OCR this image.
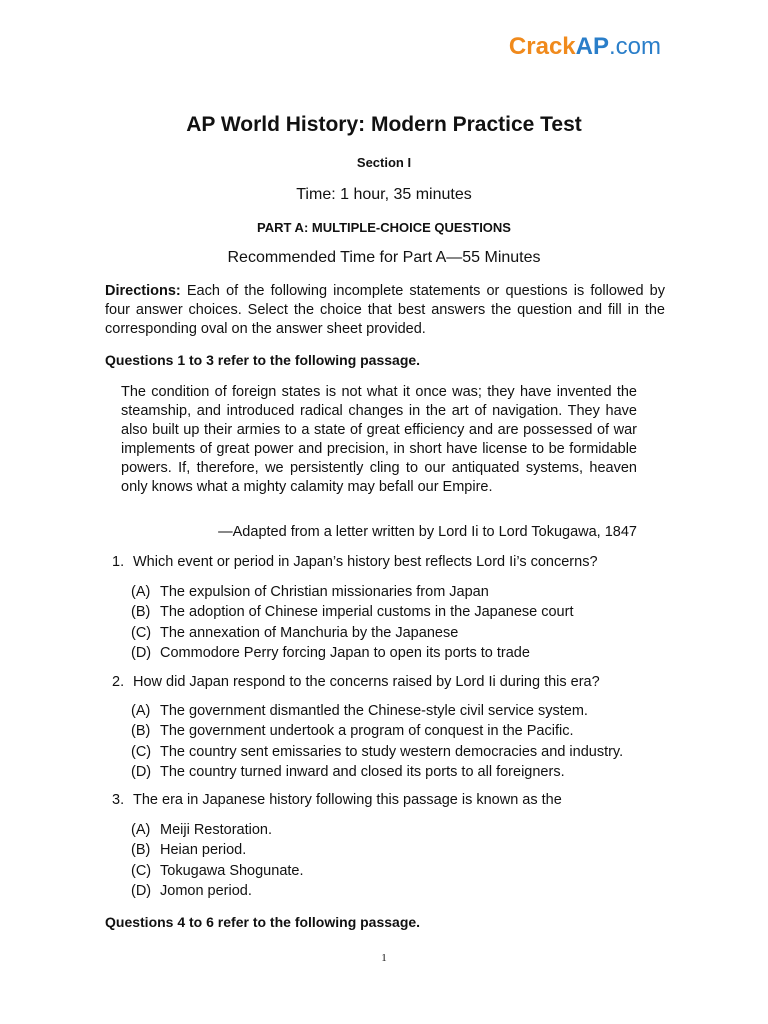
CrackAP.com
AP World History: Modern Practice Test
Section I
Time: 1 hour, 35 minutes
PART A: MULTIPLE-CHOICE QUESTIONS
Recommended Time for Part A—55 Minutes
Directions: Each of the following incomplete statements or questions is followed by four answer choices. Select the choice that best answers the question and fill in the corresponding oval on the answer sheet provided.
Questions 1 to 3 refer to the following passage.
The condition of foreign states is not what it once was; they have invented the steamship, and introduced radical changes in the art of navigation. They have also built up their armies to a state of great efficiency and are possessed of war implements of great power and precision, in short have license to be formidable powers. If, therefore, we persistently cling to our antiquated systems, heaven only knows what a mighty calamity may befall our Empire.
—Adapted from a letter written by Lord Ii to Lord Tokugawa, 1847
1. Which event or period in Japan’s history best reflects Lord Ii’s concerns?
(A) The expulsion of Christian missionaries from Japan
(B) The adoption of Chinese imperial customs in the Japanese court
(C) The annexation of Manchuria by the Japanese
(D) Commodore Perry forcing Japan to open its ports to trade
2. How did Japan respond to the concerns raised by Lord Ii during this era?
(A) The government dismantled the Chinese-style civil service system.
(B) The government undertook a program of conquest in the Pacific.
(C) The country sent emissaries to study western democracies and industry.
(D) The country turned inward and closed its ports to all foreigners.
3. The era in Japanese history following this passage is known as the
(A) Meiji Restoration.
(B) Heian period.
(C) Tokugawa Shogunate.
(D) Jomon period.
Questions 4 to 6 refer to the following passage.
1
